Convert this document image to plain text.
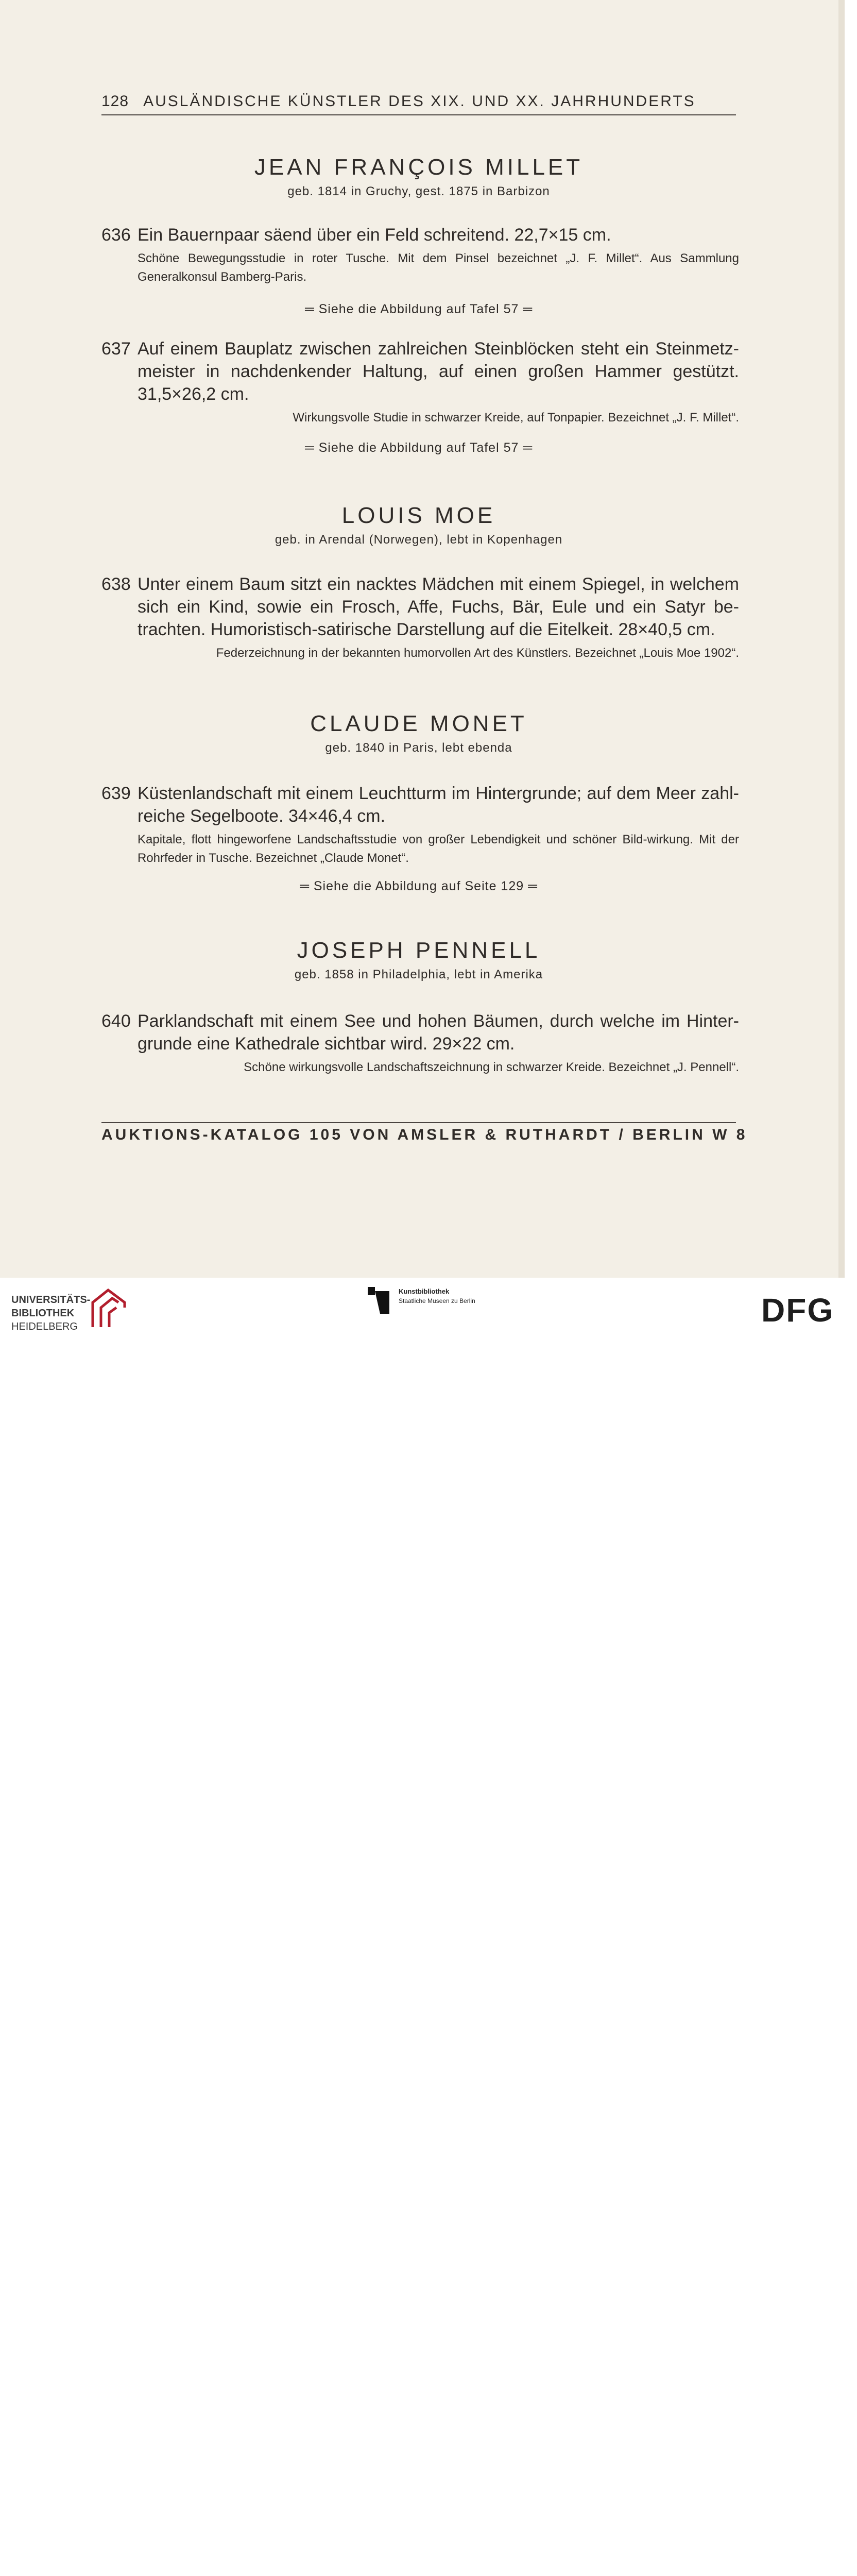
128 AUSLÄNDISCHE KÜNSTLER DES XIX. UND XX. JAHRHUNDERTS
JEAN FRANÇOIS MILLET
geb. 1814 in Gruchy, gest. 1875 in Barbizon
636 Ein Bauernpaar säend über ein Feld schreitend. 22,7×15 cm.
Schöne Bewegungsstudie in roter Tusche. Mit dem Pinsel bezeichnet „J. F. Millet“. Aus Sammlung Generalkonsul Bamberg-Paris.
═ Siehe die Abbildung auf Tafel 57 ═
637 Auf einem Bauplatz zwischen zahlreichen Steinblöcken steht ein Steinmetz-meister in nachdenkender Haltung, auf einen großen Hammer gestützt. 31,5×26,2 cm.
Wirkungsvolle Studie in schwarzer Kreide, auf Tonpapier. Bezeichnet „J. F. Millet“.
═ Siehe die Abbildung auf Tafel 57 ═
LOUIS MOE
geb. in Arendal (Norwegen), lebt in Kopenhagen
638 Unter einem Baum sitzt ein nacktes Mädchen mit einem Spiegel, in welchem sich ein Kind, sowie ein Frosch, Affe, Fuchs, Bär, Eule und ein Satyr be-trachten. Humoristisch-satirische Darstellung auf die Eitelkeit. 28×40,5 cm.
Federzeichnung in der bekannten humorvollen Art des Künstlers. Bezeichnet „Louis Moe 1902“.
CLAUDE MONET
geb. 1840 in Paris, lebt ebenda
639 Küstenlandschaft mit einem Leuchtturm im Hintergrunde; auf dem Meer zahl-reiche Segelboote. 34×46,4 cm.
Kapitale, flott hingeworfene Landschaftsstudie von großer Lebendigkeit und schöner Bild-wirkung. Mit der Rohrfeder in Tusche. Bezeichnet „Claude Monet“.
═ Siehe die Abbildung auf Seite 129 ═
JOSEPH PENNELL
geb. 1858 in Philadelphia, lebt in Amerika
640 Parklandschaft mit einem See und hohen Bäumen, durch welche im Hinter-grunde eine Kathedrale sichtbar wird. 29×22 cm.
Schöne wirkungsvolle Landschaftszeichnung in schwarzer Kreide. Bezeichnet „J. Pennell“.
AUKTIONS-KATALOG 105 VON AMSLER & RUTHARDT / BERLIN W 8
UNIVERSITÄTS-
BIBLIOTHEK
HEIDELBERG
Kunstbibliothek
Staatliche Museen zu Berlin	DFG
